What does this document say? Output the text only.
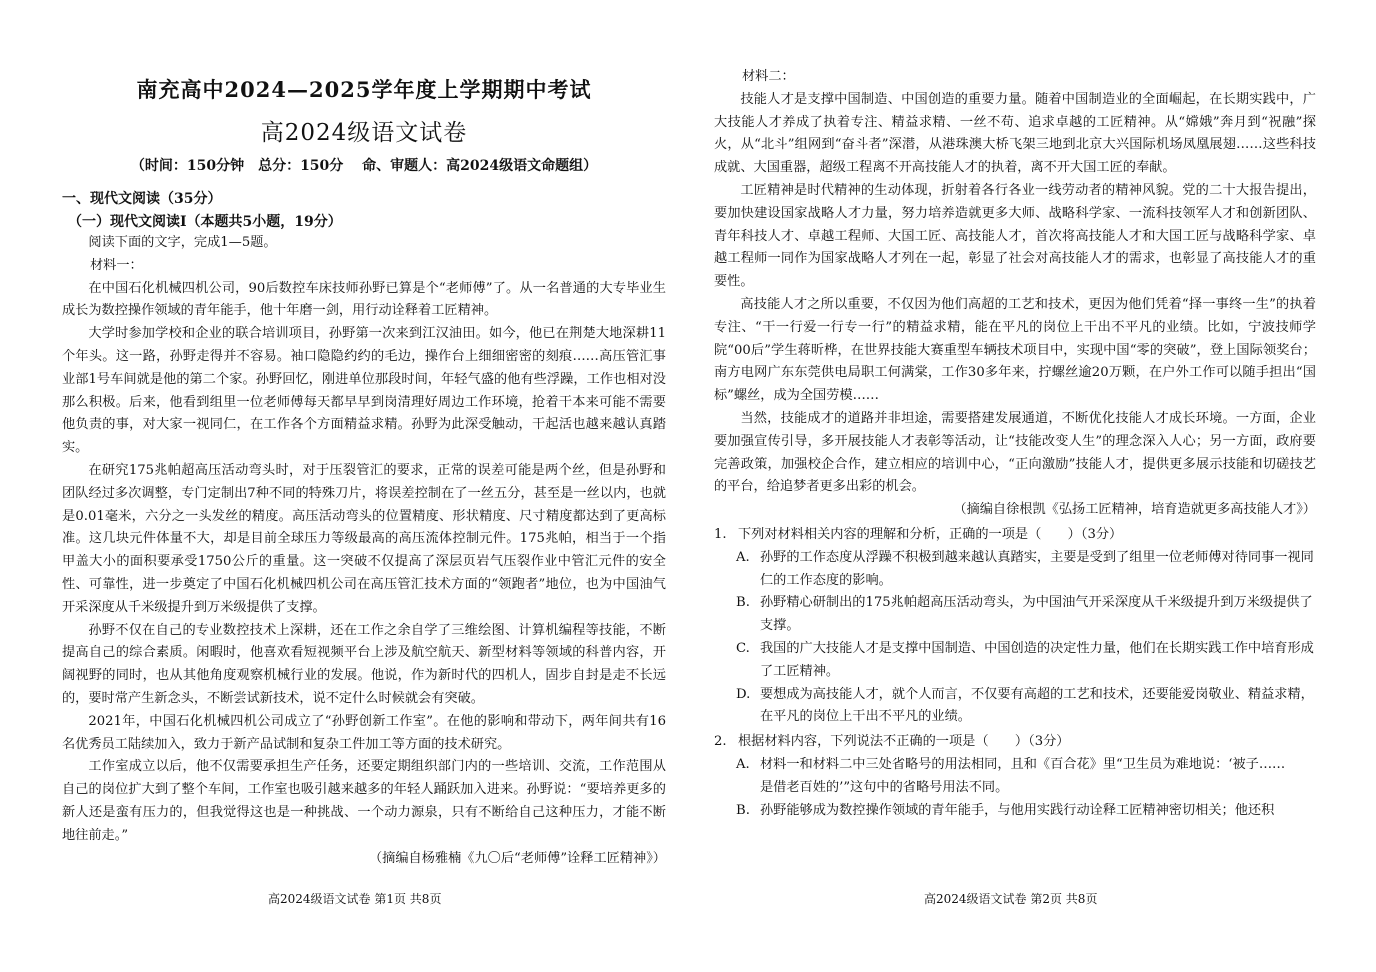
南充高中2024—2025学年度上学期期中考试
高2024级语文试卷
（时间：150分钟　总分：150分　 命、审题人：高2024级语文命题组）
一、现代文阅读（35分）
（一）现代文阅读Ⅰ（本题共5小题，19分）

阅读下面的文字，完成1—5题。

材料一：

在中国石化机械四机公司，90后数控车床技师孙野已算是个“老师傅”了。从一名普通的大专毕业生成长为数控操作领域的青年能手，他十年磨一剑，用行动诠释着工匠精神。

大学时参加学校和企业的联合培训项目，孙野第一次来到江汉油田。如今，他已在荆楚大地深耕11个年头。这一路，孙野走得并不容易。袖口隐隐约约的毛边，操作台上细细密密的刻痕……高压管汇事业部1号车间就是他的第二个家。孙野回忆，刚进单位那段时间，年轻气盛的他有些浮躁，工作也相对没那么积极。后来，他看到组里一位老师傅每天都早早到岗清理好周边工作环境，抢着干本来可能不需要他负责的事，对大家一视同仁，在工作各个方面精益求精。孙野为此深受触动，干起活也越来越认真踏实。

在研究175兆帕超高压活动弯头时，对于压裂管汇的要求，正常的误差可能是两个丝，但是孙野和团队经过多次调整，专门定制出7种不同的特殊刀片，将误差控制在了一丝五分，甚至是一丝以内，也就是0.01毫米，六分之一头发丝的精度。高压活动弯头的位置精度、形状精度、尺寸精度都达到了更高标准。这几块元件体量不大，却是目前全球压力等级最高的高压流体控制元件。175兆帕，相当于一个指甲盖大小的面积要承受1750公斤的重量。这一突破不仅提高了深层页岩气压裂作业中管汇元件的安全性、可靠性，进一步奠定了中国石化机械四机公司在高压管汇技术方面的“领跑者”地位，也为中国油气开采深度从千米级提升到万米级提供了支撑。

孙野不仅在自己的专业数控技术上深耕，还在工作之余自学了三维绘图、计算机编程等技能，不断提高自己的综合素质。闲暇时，他喜欢看短视频平台上涉及航空航天、新型材料等领域的科普内容，开阔视野的同时，也从其他角度观察机械行业的发展。他说，作为新时代的四机人，固步自封是走不长远的，要时常产生新念头，不断尝试新技术，说不定什么时候就会有突破。

2021年，中国石化机械四机公司成立了“孙野创新工作室”。在他的影响和带动下，两年间共有16名优秀员工陆续加入，致力于新产品试制和复杂工件加工等方面的技术研究。

工作室成立以后，他不仅需要承担生产任务，还要定期组织部门内的一些培训、交流，工作范围从自己的岗位扩大到了整个车间，工作室也吸引越来越多的年轻人踊跃加入进来。孙野说：“要培养更多的新人还是蛮有压力的，但我觉得这也是一种挑战、一个动力源泉，只有不断给自己这种压力，才能不断地往前走。”

（摘编自杨雅楠《九〇后“老师傅”诠释工匠精神》）
材料二：

技能人才是支撑中国制造、中国创造的重要力量。随着中国制造业的全面崛起，在长期实践中，广大技能人才养成了执着专注、精益求精、一丝不苟、追求卓越的工匠精神。从“嫦娥”奔月到“祝融”探火，从“北斗”组网到“奋斗者”深潜，从港珠澳大桥飞架三地到北京大兴国际机场凤凰展翅……这些科技成就、大国重器，超级工程离不开高技能人才的执着，离不开大国工匠的奉献。

工匠精神是时代精神的生动体现，折射着各行各业一线劳动者的精神风貌。党的二十大报告提出，要加快建设国家战略人才力量，努力培养造就更多大师、战略科学家、一流科技领军人才和创新团队、青年科技人才、卓越工程师、大国工匠、高技能人才，首次将高技能人才和大国工匠与战略科学家、卓越工程师一同作为国家战略人才列在一起，彰显了社会对高技能人才的需求，也彰显了高技能人才的重要性。

高技能人才之所以重要，不仅因为他们高超的工艺和技术，更因为他们凭着“择一事终一生”的执着专注、“干一行爱一行专一行”的精益求精，能在平凡的岗位上干出不平凡的业绩。比如，宁波技师学院“00后”学生蒋昕桦，在世界技能大赛重型车辆技术项目中，实现中国“零的突破”，登上国际领奖台；南方电网广东东莞供电局职工何满棠，工作30多年来，拧螺丝逾20万颗，在户外工作可以随手担出“国标”螺丝，成为全国劳模……

当然，技能成才的道路并非坦途，需要搭建发展通道，不断优化技能人才成长环境。一方面，企业要加强宣传引导，多开展技能人才表彰等活动，让“技能改变人生”的理念深入人心；另一方面，政府要完善政策，加强校企合作，建立相应的培训中心，“正向激励”技能人才，提供更多展示技能和切磋技艺的平台，给追梦者更多出彩的机会。

（摘编自徐根凯《弘扬工匠精神，培育造就更多高技能人才》）
1. 下列对材料相关内容的理解和分析，正确的一项是（　　）（3分）
A. 孙野的工作态度从浮躁不积极到越来越认真踏实，主要是受到了组里一位老师傅对待同事一视同仁的工作态度的影响。
B. 孙野精心研制出的175兆帕超高压活动弯头，为中国油气开采深度从千米级提升到万米级提供了支撑。
C. 我国的广大技能人才是支撑中国制造、中国创造的决定性力量，他们在长期实践工作中培育形成了工匠精神。
D. 要想成为高技能人才，就个人而言，不仅要有高超的工艺和技术，还要能爱岗敬业、精益求精，在平凡的岗位上干出不平凡的业绩。
2. 根据材料内容，下列说法不正确的一项是（　　）（3分）
A. 材料一和材料二中三处省略号的用法相同，且和《百合花》里“卫生员为难地说：‘被子……
是借老百姓的’”这句中的省略号用法不同。
B. 孙野能够成为数控操作领域的青年能手，与他用实践行动诠释工匠精神密切相关；他还积
高2024级语文试卷 第1页 共8页	高2024级语文试卷 第2页 共8页
